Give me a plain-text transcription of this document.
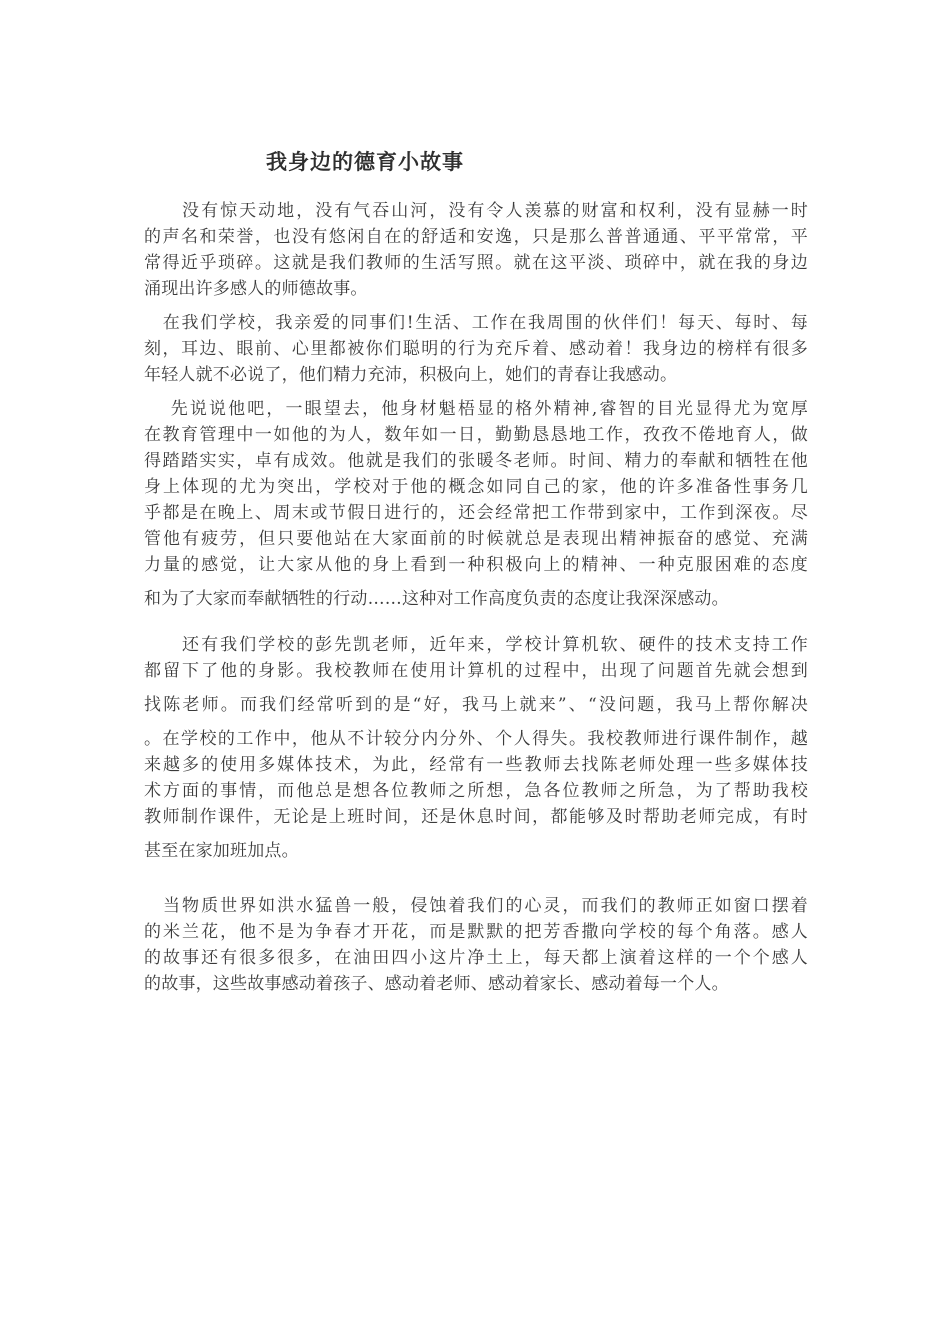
我身边的德育小故事
　　没有惊天动地，没有气吞山河，没有令人羡慕的财富和权利，没有显赫一时
的声名和荣誉，也没有悠闲自在的舒适和安逸，只是那么普普通通、平平常常，平
常得近乎琐碎。这就是我们教师的生活写照。就在这平淡、琐碎中，就在我的身边
涌现出许多感人的师德故事。
　在我们学校，我亲爱的同事们!生活、工作在我周围的伙伴们！每天、每时、每
刻，耳边、眼前、心里都被你们聪明的行为充斥着、感动着！我身边的榜样有很多
年轻人就不必说了，他们精力充沛，积极向上，她们的青春让我感动。
　 先说说他吧，一眼望去，他身材魁梧显的格外精神,睿智的目光显得尤为宽厚
在教育管理中一如他的为人，数年如一日，勤勤恳恳地工作，孜孜不倦地育人，做
得踏踏实实，卓有成效。他就是我们的张暖冬老师。时间、精力的奉献和牺牲在他
身上体现的尤为突出，学校对于他的概念如同自己的家，他的许多准备性事务几
乎都是在晚上、周末或节假日进行的，还会经常把工作带到家中，工作到深夜。尽
管他有疲劳，但只要他站在大家面前的时候就总是表现出精神振奋的感觉、充满
力量的感觉，让大家从他的身上看到一种积极向上的精神、一种克服困难的态度
和为了大家而奉献牺牲的行动……这种对工作高度负责的态度让我深深感动。
　　还有我们学校的彭先凯老师，近年来，学校计算机软、硬件的技术支持工作
都留下了他的身影。我校教师在使用计算机的过程中，出现了问题首先就会想到
找陈老师。而我们经常听到的是“好，我马上就来”、“没问题，我马上帮你解决
。在学校的工作中，他从不计较分内分外、个人得失。我校教师进行课件制作，越
来越多的使用多媒体技术，为此，经常有一些教师去找陈老师处理一些多媒体技
术方面的事情，而他总是想各位教师之所想，急各位教师之所急，为了帮助我校
教师制作课件，无论是上班时间，还是休息时间，都能够及时帮助老师完成，有时
甚至在家加班加点。
　当物质世界如洪水猛兽一般，侵蚀着我们的心灵，而我们的教师正如窗口摆着
的米兰花，他不是为争春才开花，而是默默的把芳香撒向学校的每个角落。感人
的故事还有很多很多，在油田四小这片净土上，每天都上演着这样的一个个感人
的故事，这些故事感动着孩子、感动着老师、感动着家长、感动着每一个人。
